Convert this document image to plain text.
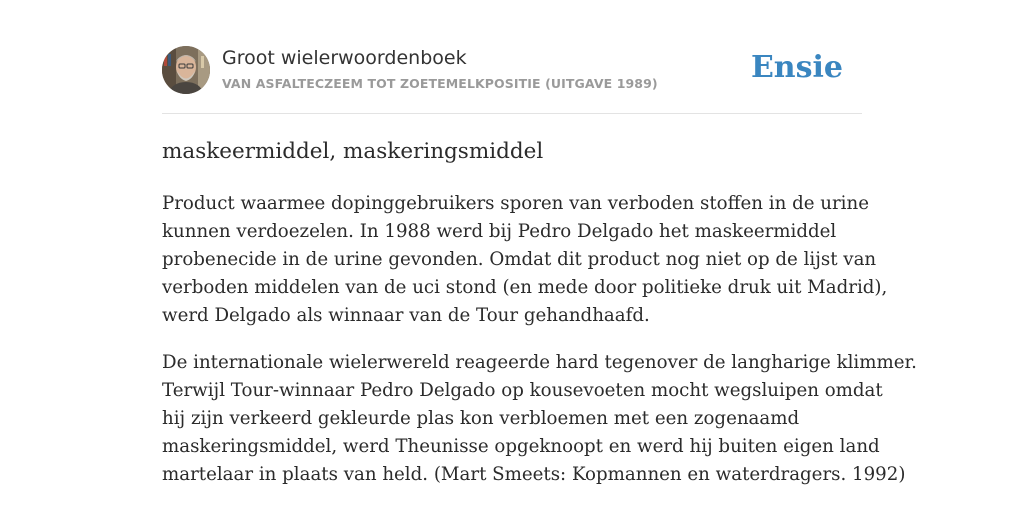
Groot wielerwoordenboek
VAN ASFALTECZEEM TOT ZOETEMELKPOSITIE (UITGAVE 1989)	Ensie
maskeermiddel, maskeringsmiddel

Product waarmee dopinggebruikers sporen van verboden stoffen in de urine
kunnen verdoezelen. In 1988 werd bij Pedro Delgado het maskeermiddel
probenecide in de urine gevonden. Omdat dit product nog niet op de lijst van
verboden middelen van de uci stond (en mede door politieke druk uit Madrid),
werd Delgado als winnaar van de Tour gehandhaafd.

De internationale wielerwereld reageerde hard tegenover de langharige klimmer.
Terwijl Tour-winnaar Pedro Delgado op kousevoeten mocht wegsluipen omdat
hij zijn verkeerd gekleurde plas kon verbloemen met een zogenaamd
maskeringsmiddel, werd Theunisse opgeknoopt en werd hij buiten eigen land
martelaar in plaats van held. (Mart Smeets: Kopmannen en waterdragers. 1992)
